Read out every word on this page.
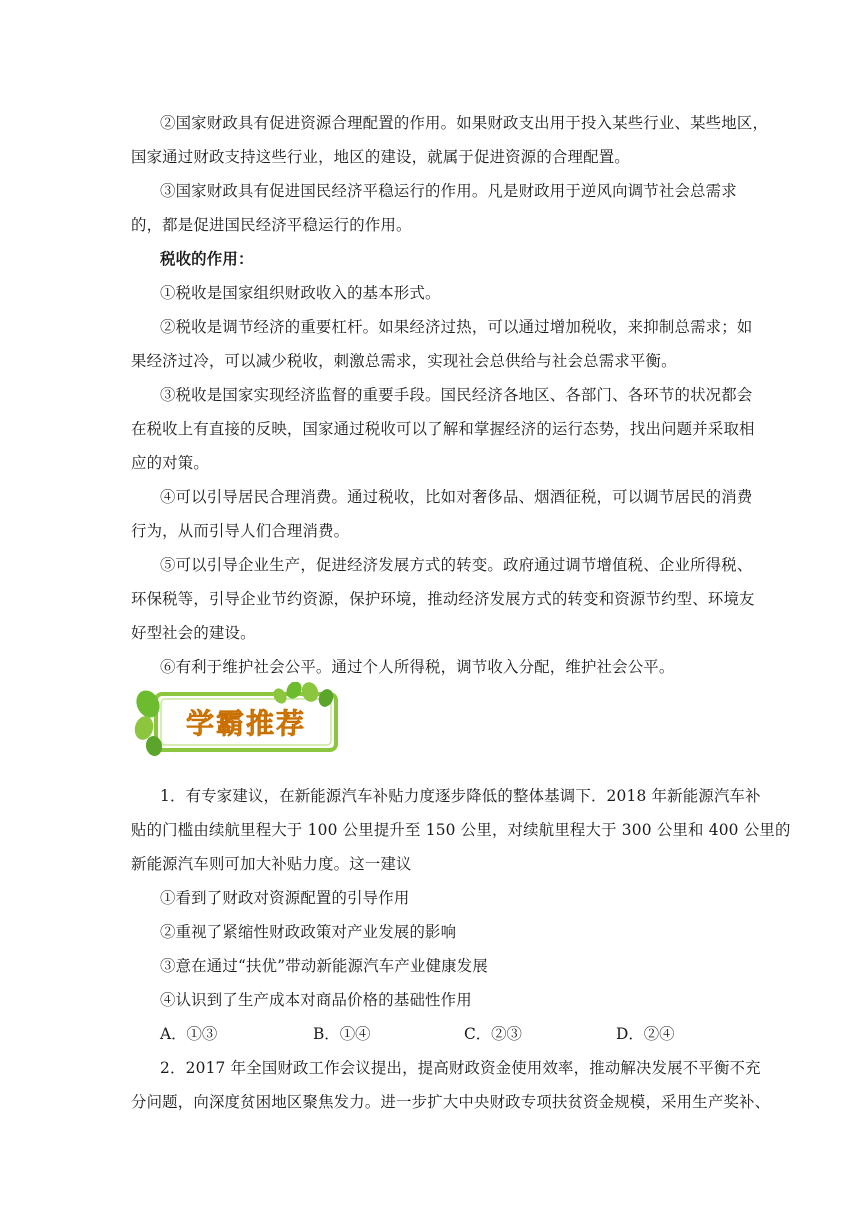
②国家财政具有促进资源合理配置的作用。如果财政支出用于投入某些行业、某些地区，
国家通过财政支持这些行业，地区的建设，就属于促进资源的合理配置。
③国家财政具有促进国民经济平稳运行的作用。凡是财政用于逆风向调节社会总需求
的，都是促进国民经济平稳运行的作用。
税收的作用：
①税收是国家组织财政收入的基本形式。
②税收是调节经济的重要杠杆。如果经济过热，可以通过增加税收，来抑制总需求；如
果经济过冷，可以减少税收，刺激总需求，实现社会总供给与社会总需求平衡。
③税收是国家实现经济监督的重要手段。国民经济各地区、各部门、各环节的状况都会
在税收上有直接的反映，国家通过税收可以了解和掌握经济的运行态势，找出问题并采取相
应的对策。
④可以引导居民合理消费。通过税收，比如对奢侈品、烟酒征税，可以调节居民的消费
行为，从而引导人们合理消费。
⑤可以引导企业生产，促进经济发展方式的转变。政府通过调节增值税、企业所得税、
环保税等，引导企业节约资源，保护环境，推动经济发展方式的转变和资源节约型、环境友
好型社会的建设。
⑥有利于维护社会公平。通过个人所得税，调节收入分配，维护社会公平。
学霸推荐
1．有专家建议，在新能源汽车补贴力度逐步降低的整体基调下．2018 年新能源汽车补
贴的门槛由续航里程大于 100 公里提升至 150 公里，对续航里程大于 300 公里和 400 公里的
新能源汽车则可加大补贴力度。这一建议
①看到了财政对资源配置的引导作用
②重视了紧缩性财政政策对产业发展的影响
③意在通过“扶优”带动新能源汽车产业健康发展
④认识到了生产成本对商品价格的基础性作用
A．①③	B．①④	C．②③	D．②④
2．2017 年全国财政工作会议提出，提高财政资金使用效率，推动解决发展不平衡不充
分问题，向深度贫困地区聚焦发力。进一步扩大中央财政专项扶贫资金规模，采用生产奖补、
